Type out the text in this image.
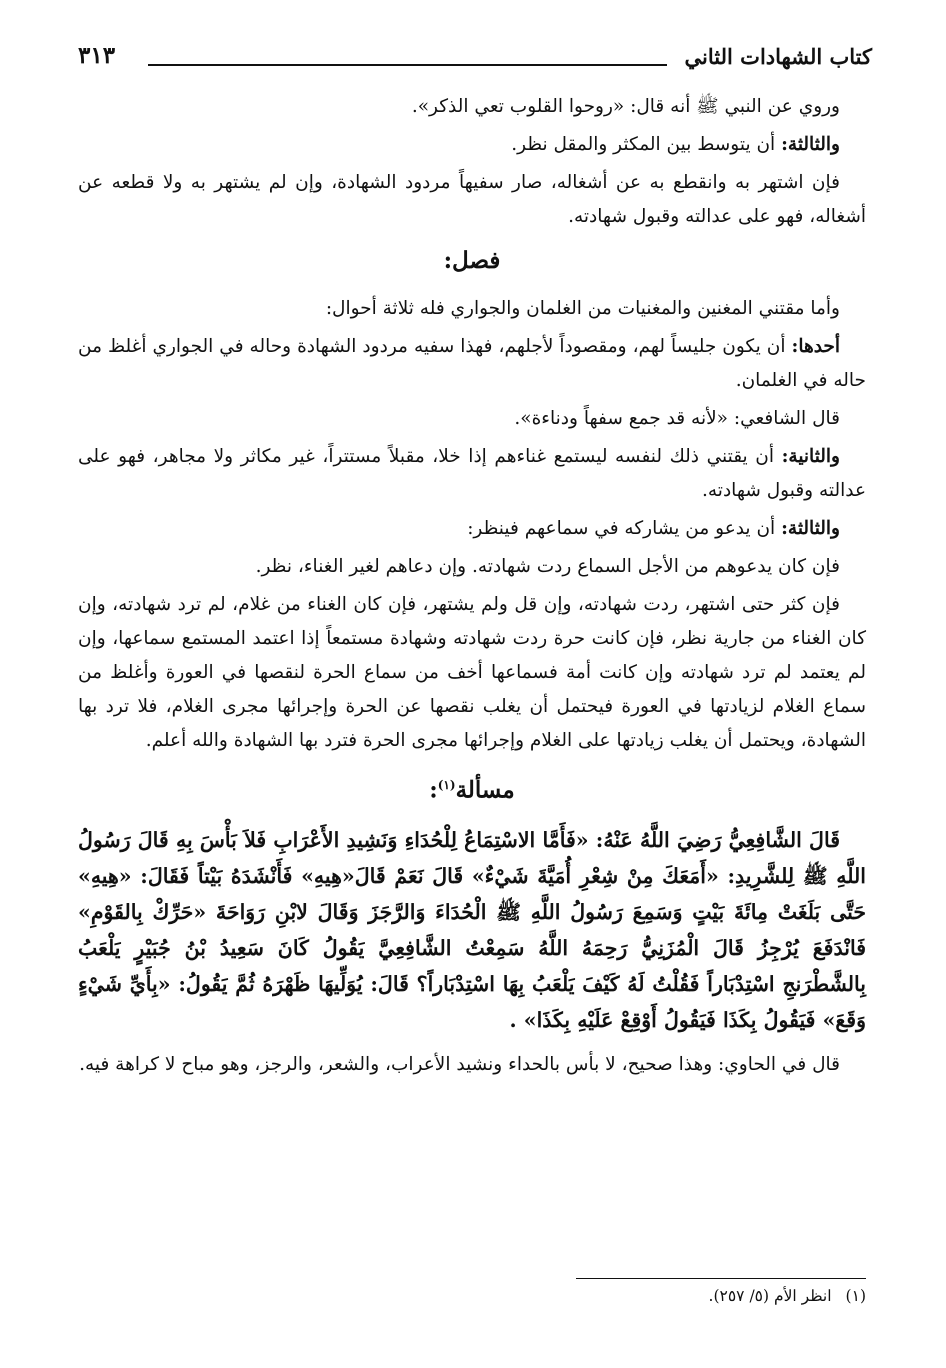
كتاب الشهادات الثاني
٣١٣

وروي عن النبي ﷺ أنه قال: «روحوا القلوب تعي الذكر».

والثالثة: أن يتوسط بين المكثر والمقل نظر.

فإن اشتهر به وانقطع به عن أشغاله، صار سفيهاً مردود الشهادة، وإن لم يشتهر به ولا قطعه عن أشغاله، فهو على عدالته وقبول شهادته.

فصل:

وأما مقتني المغنين والمغنيات من الغلمان والجواري فله ثلاثة أحوال:

أحدها: أن يكون جليساً لهم، ومقصوداً لأجلهم، فهذا سفيه مردود الشهادة وحاله في الجواري أغلظ من حاله في الغلمان.

قال الشافعي: «لأنه قد جمع سفهاً ودناءة».

والثانية: أن يقتني ذلك لنفسه ليستمع غناءهم إذا خلا، مقبلاً مستتراً، غير مكاثر ولا مجاهر، فهو على عدالته وقبول شهادته.

والثالثة: أن يدعو من يشاركه في سماعهم فينظر:

فإن كان يدعوهم من الأجل السماع ردت شهادته. وإن دعاهم لغير الغناء، نظر.

فإن كثر حتى اشتهر، ردت شهادته، وإن قل ولم يشتهر، فإن كان الغناء من غلام، لم ترد شهادته، وإن كان الغناء من جارية نظر، فإن كانت حرة ردت شهادته وشهادة مستمعاً إذا اعتمد المستمع سماعها، وإن لم يعتمد لم ترد شهادته وإن كانت أمة فسماعها أخف من سماع الحرة لنقصها في العورة وأغلظ من سماع الغلام لزيادتها في العورة فيحتمل أن يغلب نقصها عن الحرة وإجرائها مجرى الغلام، فلا ترد بها الشهادة، ويحتمل أن يغلب زيادتها على الغلام وإجرائها مجرى الحرة فترد بها الشهادة والله أعلم.

مسألة$^{(١)}$:

قَالَ الشَّافِعِيُّ رَضِيَ اللَّهُ عَنْهُ: «فَأَمَّا الاسْتِمَاعُ لِلْحُدَاءِ وَنَشِيدِ الأَعْرَابِ فَلاَ بَأْسَ بِهِ قَالَ رَسُولُ اللَّهِ ﷺ لِلشَّرِيدِ: «أَمَعَكَ مِنْ شِعْرِ أُمَيَّةَ شَيْءٌ» قَالَ نَعَمْ قَالَ«هِيهِ» فَأَنْشَدَهُ بَيْتاً فَقَالَ: «هِيهِ» حَتَّى بَلَغَتْ مِائَةَ بَيْتٍ وَسَمِعَ رَسُولُ اللَّهِ ﷺ الْحُدَاءَ وَالرَّجَزَ وَقَالَ لابْنِ رَوَاحَةَ «حَرِّكْ بِالقَوْمِ» فَانْدَفَعَ يُرْجِزُ قَالَ الْمُزَنِيُّ رَحِمَهُ اللَّهُ سَمِعْتُ الشَّافِعِيَّ يَقُولُ كَانَ سَعِيدُ بْنُ جُبَيْرٍ يَلْعَبُ بِالشَّطْرَنجِ اسْتِدْبَاراً فَقُلْتُ لَهُ كَيْفَ يَلْعَبُ بِهَا اسْتِدْبَاراً؟ قَالَ: يُوَلِّيهَا ظَهْرَهُ ثُمَّ يَقُولُ: «بِأَيِّ شَيْءٍ وَقَعَ» فَيَقُولُ بِكَذَا فَيَقُولُ أَوْقِعْ عَلَيْهِ بِكَذَا» .

قال في الحاوي: وهذا صحيح، لا بأس بالحداء ونشيد الأعراب، والشعر، والرجز، وهو مباح لا كراهة فيه.

(١)
انظر الأم (٥/ ٢٥٧).
